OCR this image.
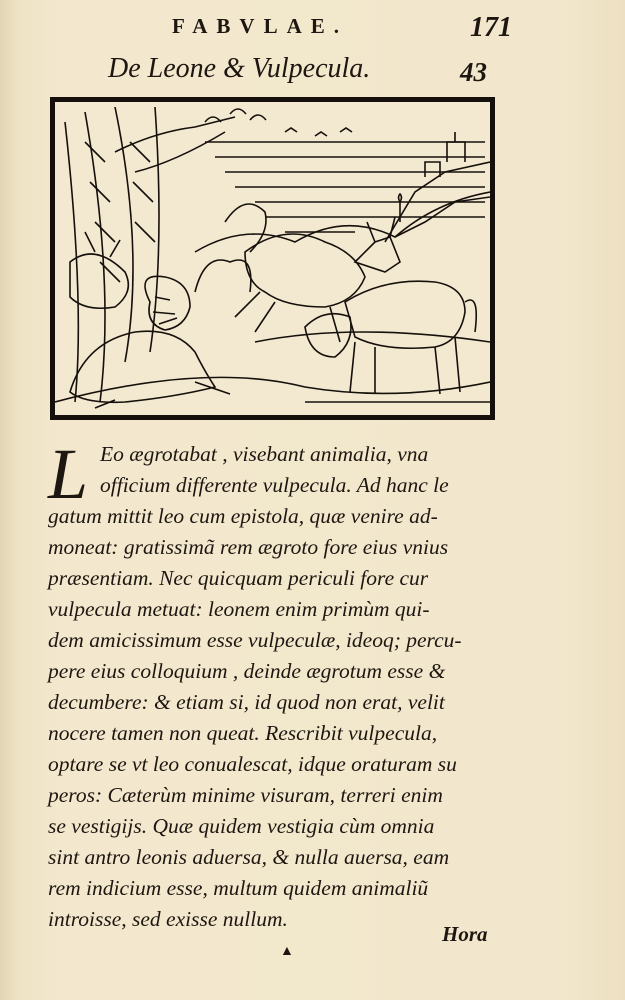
FABVLAE.	171
De Leone & Vulpecula.	43
L Eo ægrotabat , visebant animalia, vna
officium differente vulpecula. Ad hanc le
gatum mittit leo cum epistola, quæ venire ad-
moneat: gratissimã rem ægroto fore eius vnius
præsentiam. Nec quicquam periculi fore cur
vulpecula metuat: leonem enim primùm qui-
dem amicissimum esse vulpeculæ, ideoq; percu-
pere eius colloquium , deinde ægrotum esse &
decumbere: & etiam si, id quod non erat, velit
nocere tamen non queat. Rescribit vulpecula,
optare se vt leo conualescat, idque oraturam su
peros: Cæterùm minime visuram, terreri enim
se vestigijs. Quæ quidem vestigia cùm omnia
sint antro leonis aduersa, & nulla auersa, eam
rem indicium esse, multum quidem animaliũ
introisse, sed exisse nullum.
Hora
▲
